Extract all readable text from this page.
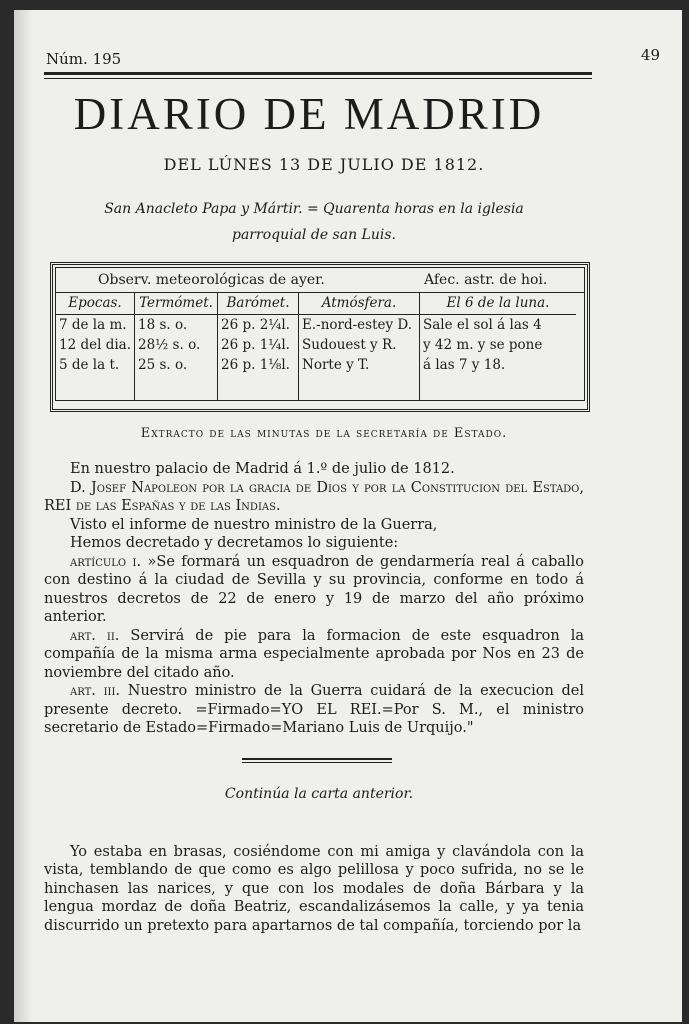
Núm. 195	49
DIARIO DE MADRID
DEL LÚNES 13 DE JULIO DE 1812.
San Anacleto Papa y Mártir. = Quarenta horas en la iglesia
parroquial de san Luis.
Observ. meteorológicas de ayer.	Afec. astr. de hoi.
Epocas.
7 de la m.
12 del dia.
5 de la t.
Termómet.
18 s. o.
28½ s. o.
25 s. o.
Barómet.
26 p. 2¼l.
26 p. 1¼l.
26 p. 1⅛l.
Atmósfera.
E.-nord-estey D.
Sudouest y R.
Norte y T.
El 6 de la luna.
Sale el sol á las 4
y 42 m. y se pone
á las 7 y 18.
Extracto de las minutas de la secretaría de Estado.

En nuestro palacio de Madrid á 1.º de julio de 1812.

D. Josef Napoleon por la gracia de Dios y por la Constitucion del Estado, REI de las Españas y de las Indias.

Visto el informe de nuestro ministro de la Guerra,

Hemos decretado y decretamos lo siguiente:

artículo i. »Se formará un esquadron de gendarmería real á caballo con destino á la ciudad de Sevilla y su provincia, conforme en todo á nuestros decretos de 22 de enero y 19 de marzo del año próximo anterior.

art. ii. Servirá de pie para la formacion de este esquadron la compañía de la misma arma especialmente aprobada por Nos en 23 de noviembre del citado año.

art. iii. Nuestro ministro de la Guerra cuidará de la execucion del presente decreto. =Firmado=YO EL REI.=Por S. M., el ministro secretario de Estado=Firmado=Mariano Luis de Urquijo."

Continúa la carta anterior.

Yo estaba en brasas, cosiéndome con mi amiga y clavándola con la vista, temblando de que como es algo pelillosa y poco sufrida, no se le hinchasen las narices, y que con los modales de doña Bárbara y la lengua mordaz de doña Beatriz, escandalizásemos la calle, y ya tenia discurrido un pretexto para apartarnos de tal compañía, torciendo por la
